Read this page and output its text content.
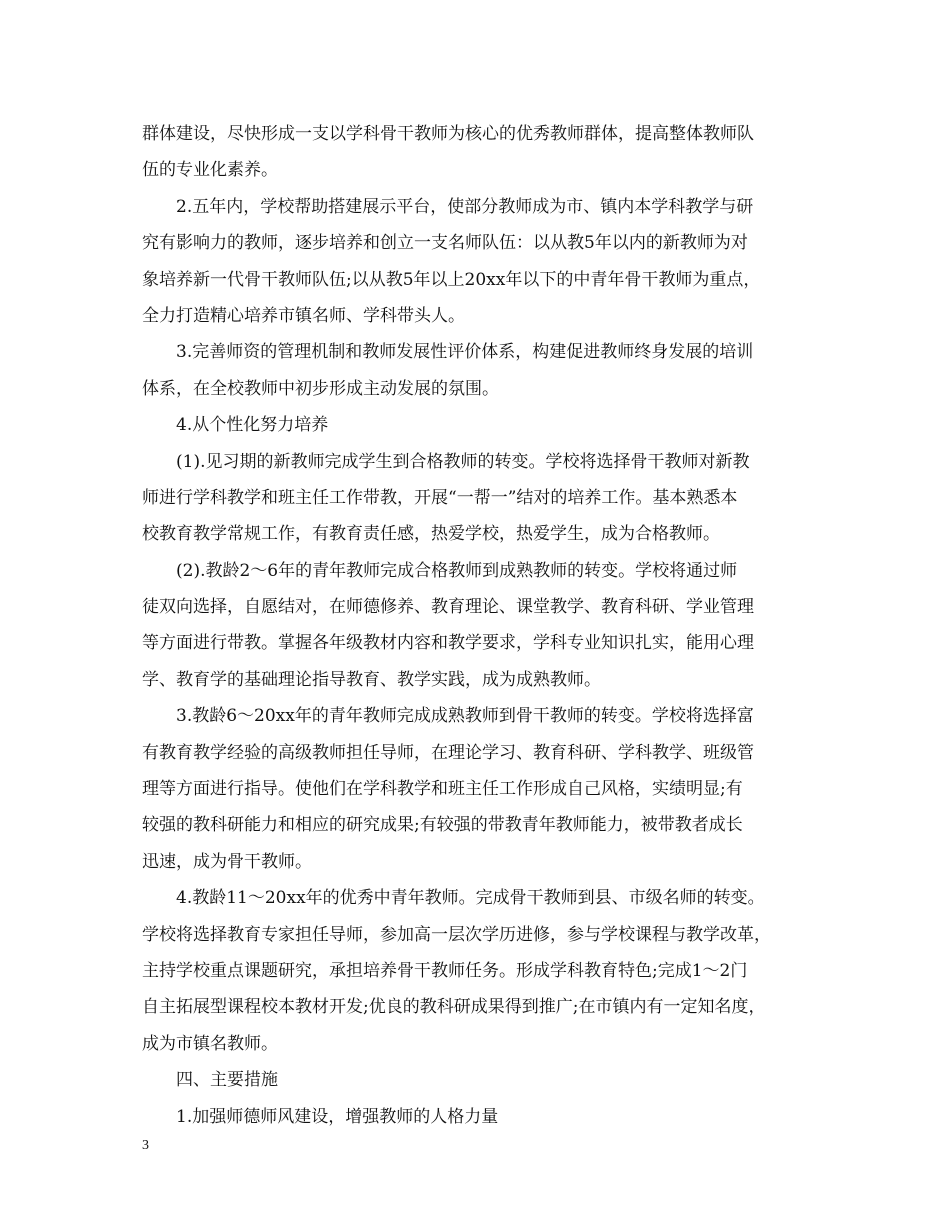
群体建设，尽快形成一支以学科骨干教师为核心的优秀教师群体，提高整体教师队
伍的专业化素养。
2.五年内，学校帮助搭建展示平台，使部分教师成为市、镇内本学科教学与研
究有影响力的教师，逐步培养和创立一支名师队伍：以从教5年以内的新教师为对
象培养新一代骨干教师队伍;以从教5年以上20xx年以下的中青年骨干教师为重点，
全力打造精心培养市镇名师、学科带头人。
3.完善师资的管理机制和教师发展性评价体系，构建促进教师终身发展的培训
体系，在全校教师中初步形成主动发展的氛围。
4.从个性化努力培养
(1).见习期的新教师完成学生到合格教师的转变。学校将选择骨干教师对新教
师进行学科教学和班主任工作带教，开展“一帮一”结对的培养工作。基本熟悉本
校教育教学常规工作，有教育责任感，热爱学校，热爱学生，成为合格教师。
(2).教龄2～6年的青年教师完成合格教师到成熟教师的转变。学校将通过师
徒双向选择，自愿结对，在师德修养、教育理论、课堂教学、教育科研、学业管理
等方面进行带教。掌握各年级教材内容和教学要求，学科专业知识扎实，能用心理
学、教育学的基础理论指导教育、教学实践，成为成熟教师。
3.教龄6～20xx年的青年教师完成成熟教师到骨干教师的转变。学校将选择富
有教育教学经验的高级教师担任导师，在理论学习、教育科研、学科教学、班级管
理等方面进行指导。使他们在学科教学和班主任工作形成自己风格，实绩明显;有
较强的教科研能力和相应的研究成果;有较强的带教青年教师能力，被带教者成长
迅速，成为骨干教师。
4.教龄11～20xx年的优秀中青年教师。完成骨干教师到县、市级名师的转变。
学校将选择教育专家担任导师，参加高一层次学历进修，参与学校课程与教学改革，
主持学校重点课题研究，承担培养骨干教师任务。形成学科教育特色;完成1～2门
自主拓展型课程校本教材开发;优良的教科研成果得到推广;在市镇内有一定知名度，
成为市镇名教师。
四、主要措施
1.加强师德师风建设，增强教师的人格力量
3
